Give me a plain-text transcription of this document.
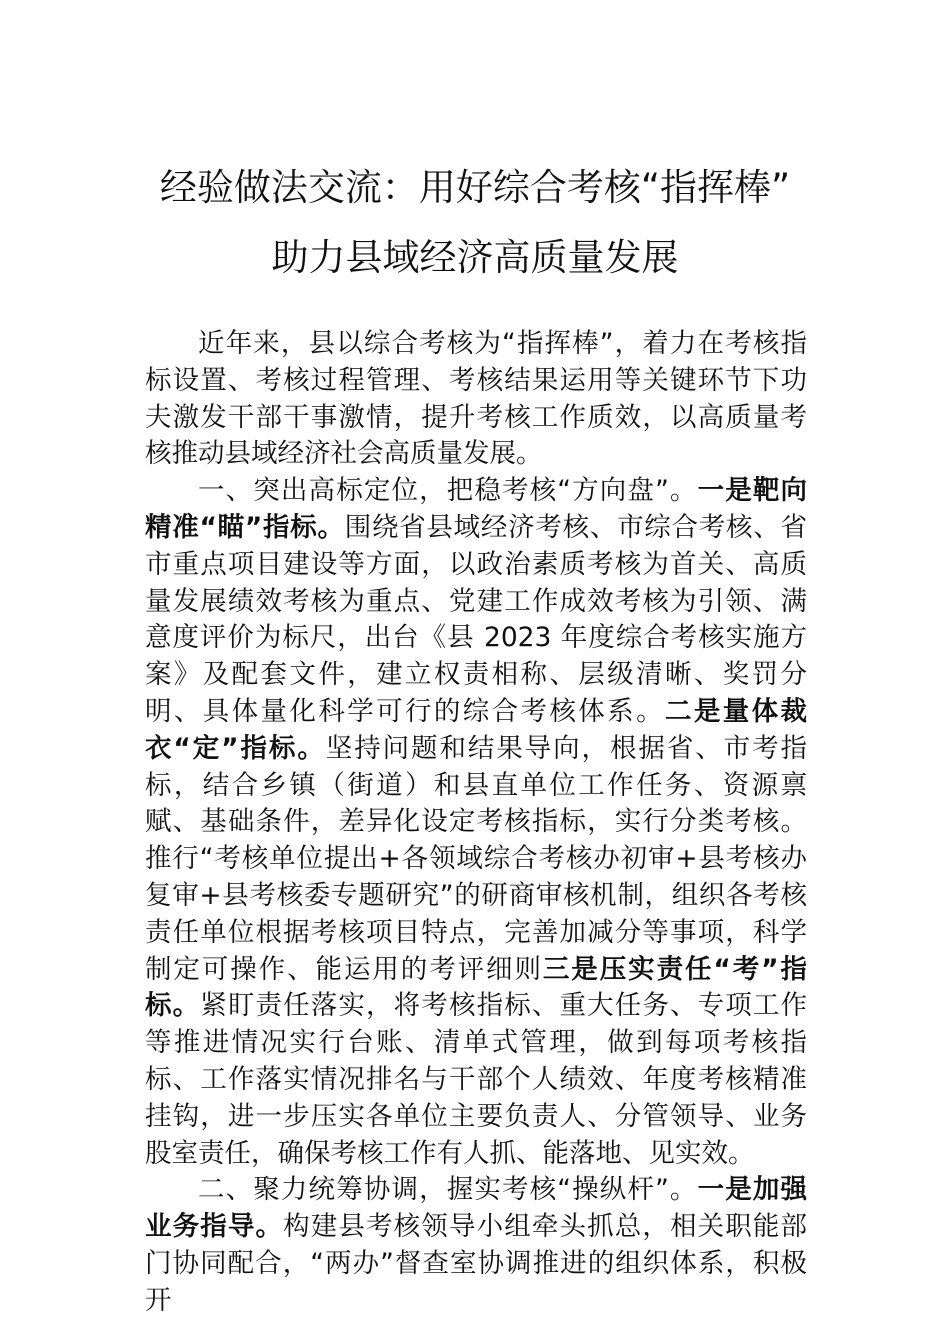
经验做法交流：用好综合考核“指挥棒”
助力县域经济高质量发展

近年来，县以综合考核为“指挥棒”，着力在考核指标设置、考核过程管理、考核结果运用等关键环节下功夫激发干部干事激情，提升考核工作质效，以高质量考核推动县域经济社会高质量发展。

一、突出高标定位，把稳考核“方向盘”。一是靶向精准“瞄”指标。围绕省县域经济考核、市综合考核、省市重点项目建设等方面，以政治素质考核为首关、高质量发展绩效考核为重点、党建工作成效考核为引领、满意度评价为标尺，出台《县 2023 年度综合考核实施方案》及配套文件，建立权责相称、层级清晰、奖罚分明、具体量化科学可行的综合考核体系。二是量体裁衣“定”指标。坚持问题和结果导向，根据省、市考指标，结合乡镇（街道）和县直单位工作任务、资源禀赋、基础条件，差异化设定考核指标，实行分类考核。推行“考核单位提出+各领域综合考核办初审+县考核办复审+县考核委专题研究”的研商审核机制，组织各考核责任单位根据考核项目特点，完善加减分等事项，科学制定可操作、能运用的考评细则三是压实责任“考”指标。紧盯责任落实，将考核指标、重大任务、专项工作等推进情况实行台账、清单式管理，做到每项考核指标、工作落实情况排名与干部个人绩效、年度考核精准挂钩，进一步压实各单位主要负责人、分管领导、业务股室责任，确保考核工作有人抓、能落地、见实效。

二、聚力统筹协调，握实考核“操纵杆”。一是加强业务指导。构建县考核领导小组牵头抓总，相关职能部门协同配合，“两办”督查室协调推进的组织体系，积极开
